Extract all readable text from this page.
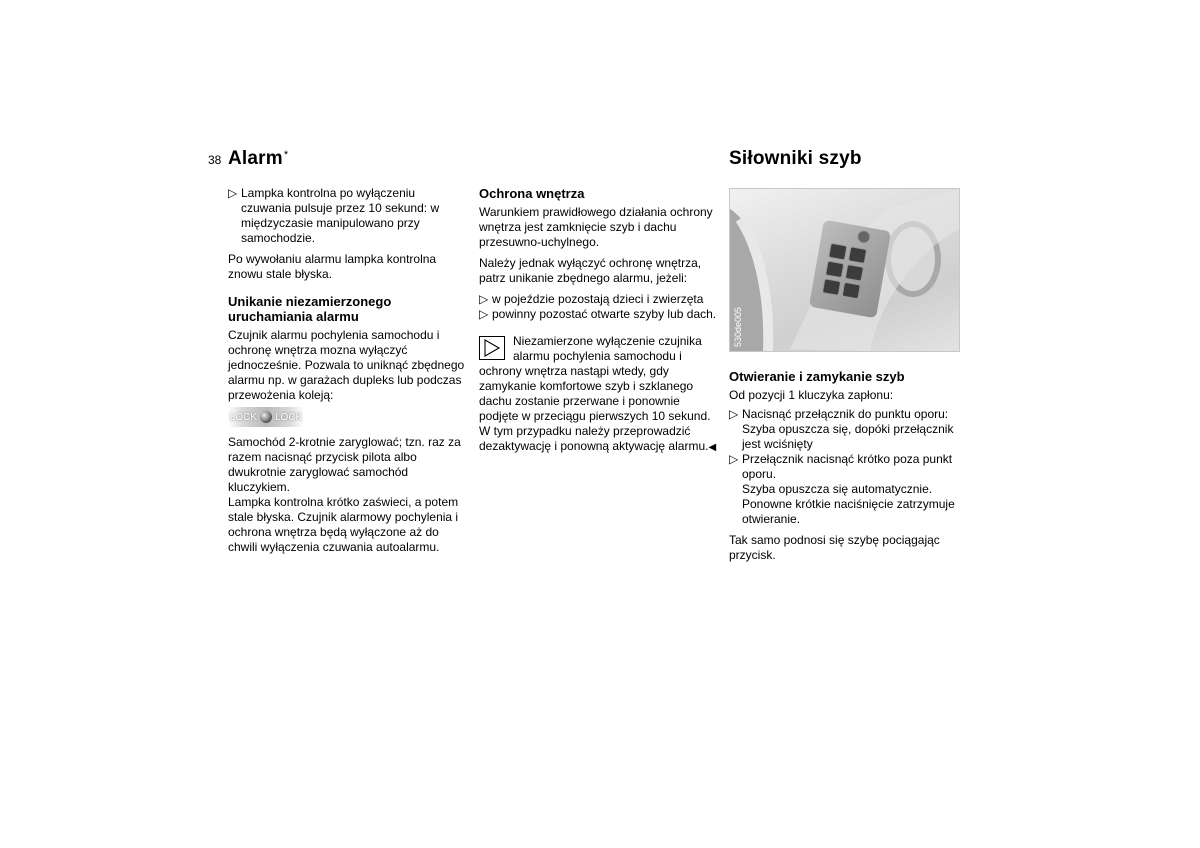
38 Alarm*	Siłowniki szyb

▷ Lampka kontrolna po wyłączeniu czuwania pulsuje przez 10 sekund: w międzyczasie manipulowano przy samochodzie.

Po wywołaniu alarmu lampka kontrolna znowu stale błyska.

Unikanie niezamierzonego uruchamiania alarmu

Czujnik alarmu pochylenia samochodu i ochronę wnętrza mozna wyłączyć jednocześnie. Pozwala to uniknąć zbędnego alarmu np. w garażach dupleks lub podczas przewożenia koleją:

LOCK LOCK

Samochód 2-krotnie zaryglować; tzn. raz za razem nacisnąć przycisk pilota albo dwukrotnie zaryglować samochód kluczykiem.

Lampka kontrolna krótko zaświeci, a potem stale błyska. Czujnik alarmowy pochylenia i ochrona wnętrza będą wyłączone aż do chwili wyłączenia czuwania autoalarmu.

Ochrona wnętrza

Warunkiem prawidłowego działania ochrony wnętrza jest zamknięcie szyb i dachu przesuwno-uchylnego.

Należy jednak wyłączyć ochronę wnętrza, patrz unikanie zbędnego alarmu, jeżeli:

▷ w pojeździe pozostają dzieci i zwierzęta

▷ powinny pozostać otwarte szyby lub dach.

Niezamierzone wyłączenie czujnika alarmu pochylenia samochodu i ochrony wnętrza nastąpi wtedy, gdy zamykanie komfortowe szyb i szklanego dachu zostanie przerwane i ponownie podjęte w przeciągu pierwszych 10 sekund. W tym przypadku należy przeprowadzić dezaktywację i ponowną aktywację alarmu.◀
530de005
Otwieranie i zamykanie szyb

Od pozycji 1 kluczyka zapłonu:

▷ Nacisnąć przełącznik do punktu oporu:
Szyba opuszcza się, dopóki przełącznik jest wciśnięty

▷ Przełącznik nacisnąć krótko poza punkt oporu.
Szyba opuszcza się automatycznie.
Ponowne krótkie naciśnięcie zatrzymuje otwieranie.

Tak samo podnosi się szybę pociągając przycisk.
